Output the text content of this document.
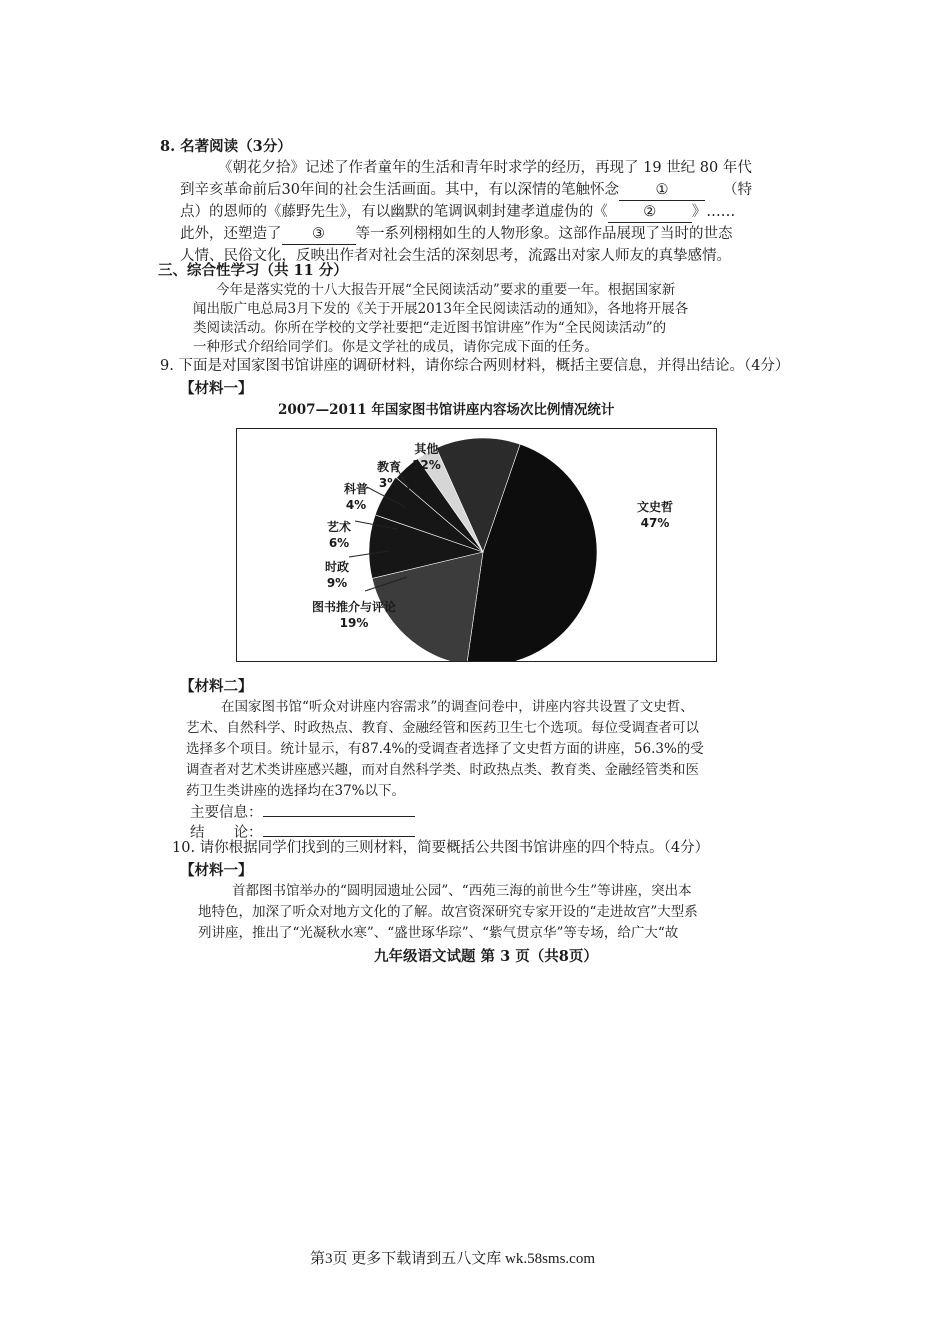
8. 名著阅读（3分）
《朝花夕拾》记述了作者童年的生活和青年时求学的经历，再现了 19 世纪 80 年代
到辛亥革命前后30年间的社会生活画面。其中，有以深情的笔触怀念	①	（特
点）的恩师的《藤野先生》，有以幽默的笔调讽刺封建孝道虚伪的《 ② 》……
此外，还塑造了 ③ 等一系列栩栩如生的人物形象。这部作品展现了当时的世态
人情、民俗文化，反映出作者对社会生活的深刻思考，流露出对家人师友的真挚感情。
三、综合性学习（共 11 分）
今年是落实党的十八大报告开展“全民阅读活动”要求的重要一年。根据国家新
闻出版广电总局3月下发的《关于开展2013年全民阅读活动的通知》，各地将开展各
类阅读活动。你所在学校的文学社要把“走近图书馆讲座”作为“全民阅读活动”的
一种形式介绍给同学们。你是文学社的成员，请你完成下面的任务。
9. 下面是对国家图书馆讲座的调研材料，请你综合两则材料，概括主要信息，并得出结论。（4分）
【材料一】
2007—2011 年国家图书馆讲座内容场次比例情况统计
文史哲
47%
图书推介与评论
19%
时政
9%
艺术
6%
科普
4%
教育
3%
其他
12%
【材料二】
在国家图书馆“听众对讲座内容需求”的调查问卷中，讲座内容共设置了文史哲、
艺术、自然科学、时政热点、教育、金融经管和医药卫生七个选项。每位受调查者可以
选择多个项目。统计显示，有87.4%的受调查者选择了文史哲方面的讲座，56.3%的受
调查者对艺术类讲座感兴趣，而对自然科学类、时政热点类、教育类、金融经管类和医
药卫生类讲座的选择均在37%以下。
主要信息：
结　　论：
10. 请你根据同学们找到的三则材料，简要概括公共图书馆讲座的四个特点。（4分）
【材料一】
首都图书馆举办的“圆明园遗址公园”、“西苑三海的前世今生”等讲座，突出本
地特色，加深了听众对地方文化的了解。故宫资深研究专家开设的“走进故宫”大型系
列讲座，推出了“光凝秋水寒”、“盛世琢华琮”、“紫气贯京华”等专场，给广大“故
九年级语文试题 第 3 页（共8页）
第3页 更多下载请到五八文库 wk.58sms.com
